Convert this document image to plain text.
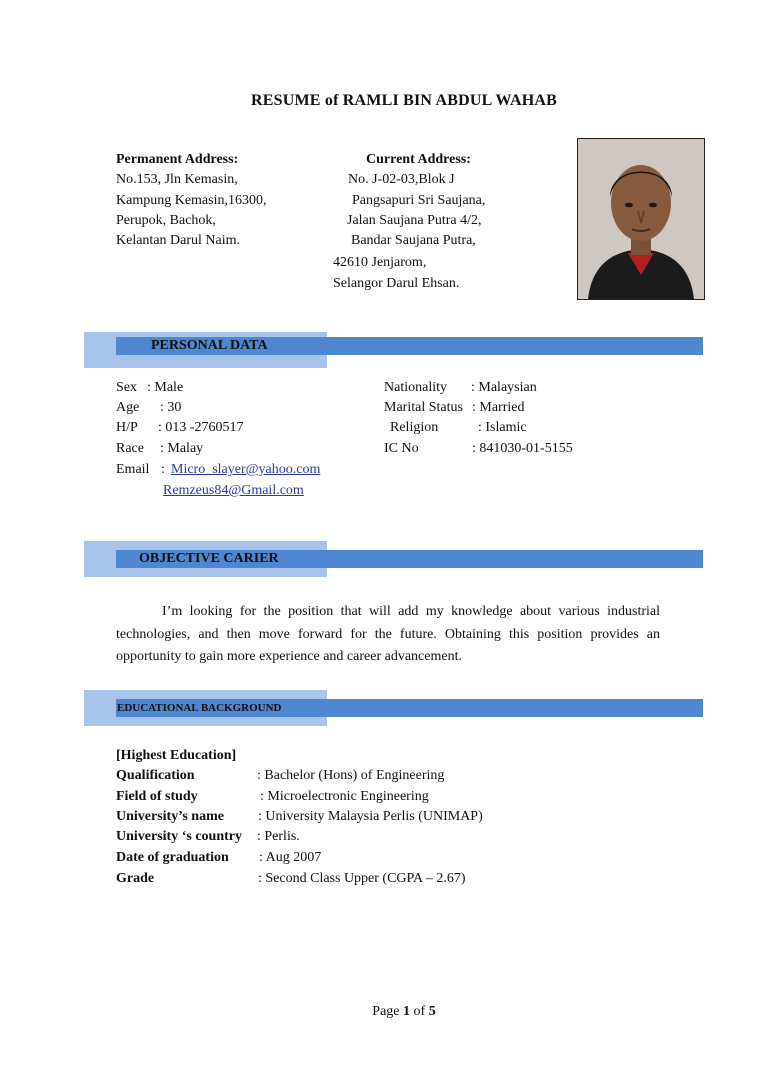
RESUME of RAMLI BIN ABDUL WAHAB
Permanent Address:
No.153, Jln Kemasin,
Kampung Kemasin,16300,
Perupok, Bachok,
Kelantan Darul Naim.
Current Address:
No. J-02-03,Blok J
Pangsapuri Sri Saujana,
Jalan Saujana Putra 4/2,
Bandar Saujana Putra,
42610 Jenjarom,
Selangor Darul Ehsan.
PERSONAL DATA
Sex : Male
Age : 30
H/P : 013 -2760517
Race : Malay
Email : Micro_slayer@yahoo.com
Remzeus84@Gmail.com
Nationality : Malaysian
Marital Status : Married
Religion	: Islamic
IC No	: 841030-01-5155
OBJECTIVE CARIER
I’m looking for the position that will add my knowledge about various industrial technologies, and then move forward for the future. Obtaining this position provides an opportunity to gain more experience and career advancement.
EDUCATIONAL BACKGROUND
[Highest Education]
Qualification	: Bachelor (Hons) of Engineering
Field of study	: Microelectronic Engineering
University’s name : University Malaysia Perlis (UNIMAP)
University ‘s country : Perlis.
Date of graduation : Aug 2007
Grade	: Second Class Upper (CGPA – 2.67)
Page 1 of 5
